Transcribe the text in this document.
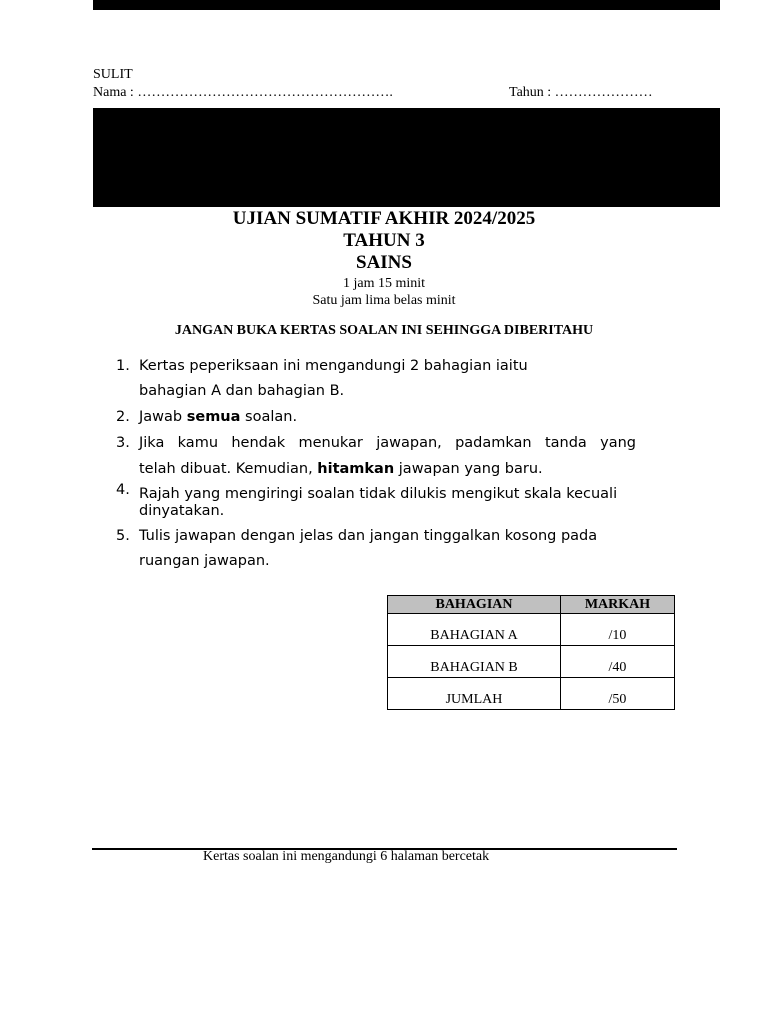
SULIT
Nama : ……………………………………………….	Tahun : …………………
UJIAN SUMATIF AKHIR 2024/2025
TAHUN 3
SAINS
1 jam 15 minit
Satu jam lima belas minit
JANGAN BUKA KERTAS SOALAN INI SEHINGGA DIBERITAHU
1. Kertas peperiksaan ini mengandungi 2 bahagian iaitu
bahagian A dan bahagian B.
2. Jawab semua soalan.
3. Jika kamu hendak menukar jawapan, padamkan tanda yang
telah dibuat. Kemudian, hitamkan jawapan yang baru.
4. Rajah yang mengiringi soalan tidak dilukis mengikut skala kecuali
dinyatakan.
5. Tulis jawapan dengan jelas dan jangan tinggalkan kosong pada
ruangan jawapan.
BAHAGIAN	MARKAH
BAHAGIAN A	/10
BAHAGIAN B	/40
JUMLAH	/50
Kertas soalan ini mengandungi 6 halaman bercetak
